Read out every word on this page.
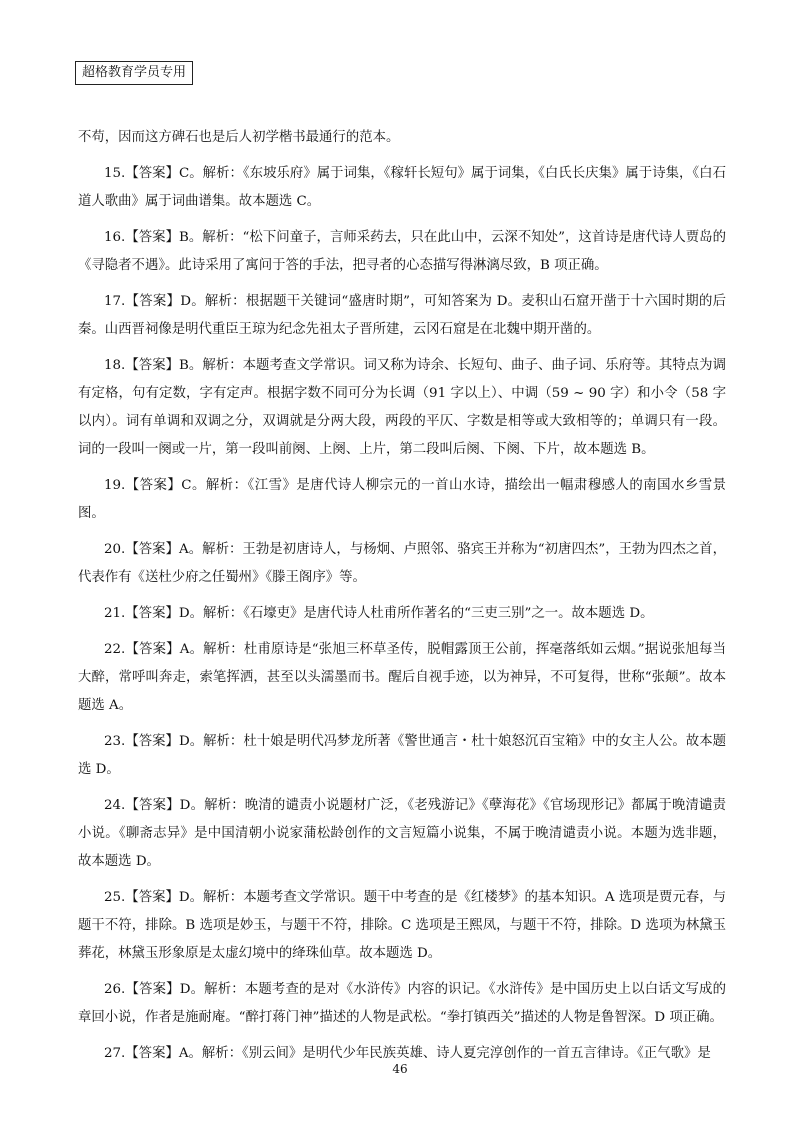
超格教育学员专用

不苟，因而这方碑石也是后人初学楷书最通行的范本。

15.【答案】C。解析：《东坡乐府》属于词集，《稼轩长短句》属于词集，《白氏长庆集》属于诗集，《白石道人歌曲》属于词曲谱集。故本题选 C。

16.【答案】B。解析：“松下问童子，言师采药去，只在此山中，云深不知处”，这首诗是唐代诗人贾岛的《寻隐者不遇》。此诗采用了寓问于答的手法，把寻者的心态描写得淋漓尽致，B 项正确。

17.【答案】D。解析：根据题干关键词“盛唐时期”，可知答案为 D。麦积山石窟开凿于十六国时期的后秦。山西晋祠像是明代重臣王琼为纪念先祖太子晋所建，云冈石窟是在北魏中期开凿的。

18.【答案】B。解析：本题考查文学常识。词又称为诗余、长短句、曲子、曲子词、乐府等。其特点为调有定格，句有定数，字有定声。根据字数不同可分为长调（91 字以上）、中调（59 ~ 90 字）和小令（58 字以内）。词有单调和双调之分，双调就是分两大段，两段的平仄、字数是相等或大致相等的；单调只有一段。词的一段叫一阕或一片，第一段叫前阕、上阕、上片，第二段叫后阕、下阕、下片，故本题选 B。

19.【答案】C。解析：《江雪》是唐代诗人柳宗元的一首山水诗，描绘出一幅肃穆感人的南国水乡雪景图。

20.【答案】A。解析：王勃是初唐诗人，与杨炯、卢照邻、骆宾王并称为“初唐四杰”，王勃为四杰之首，代表作有《送杜少府之任蜀州》《滕王阁序》等。

21.【答案】D。解析：《石壕吏》是唐代诗人杜甫所作著名的“三吏三别”之一。故本题选 D。

22.【答案】A。解析：杜甫原诗是“张旭三杯草圣传，脱帽露顶王公前，挥毫落纸如云烟。”据说张旭每当大醉，常呼叫奔走，索笔挥洒，甚至以头濡墨而书。醒后自视手迹，以为神异，不可复得，世称“张颠”。故本题选 A。

23.【答案】D。解析：杜十娘是明代冯梦龙所著《警世通言・杜十娘怒沉百宝箱》中的女主人公。故本题选 D。

24.【答案】D。解析：晚清的谴责小说题材广泛，《老残游记》《孽海花》《官场现形记》都属于晚清谴责小说。《聊斋志异》是中国清朝小说家蒲松龄创作的文言短篇小说集，不属于晚清谴责小说。本题为选非题，故本题选 D。

25.【答案】D。解析：本题考查文学常识。题干中考查的是《红楼梦》的基本知识。A 选项是贾元春，与题干不符，排除。B 选项是妙玉，与题干不符，排除。C 选项是王熙凤，与题干不符，排除。D 选项为林黛玉葬花，林黛玉形象原是太虚幻境中的绛珠仙草。故本题选 D。

26.【答案】D。解析：本题考查的是对《水浒传》内容的识记。《水浒传》是中国历史上以白话文写成的章回小说，作者是施耐庵。“醉打蒋门神”描述的人物是武松。“拳打镇西关”描述的人物是鲁智深。D 项正确。

27.【答案】A。解析：《别云间》是明代少年民族英雄、诗人夏完淳创作的一首五言律诗。《正气歌》是

46
